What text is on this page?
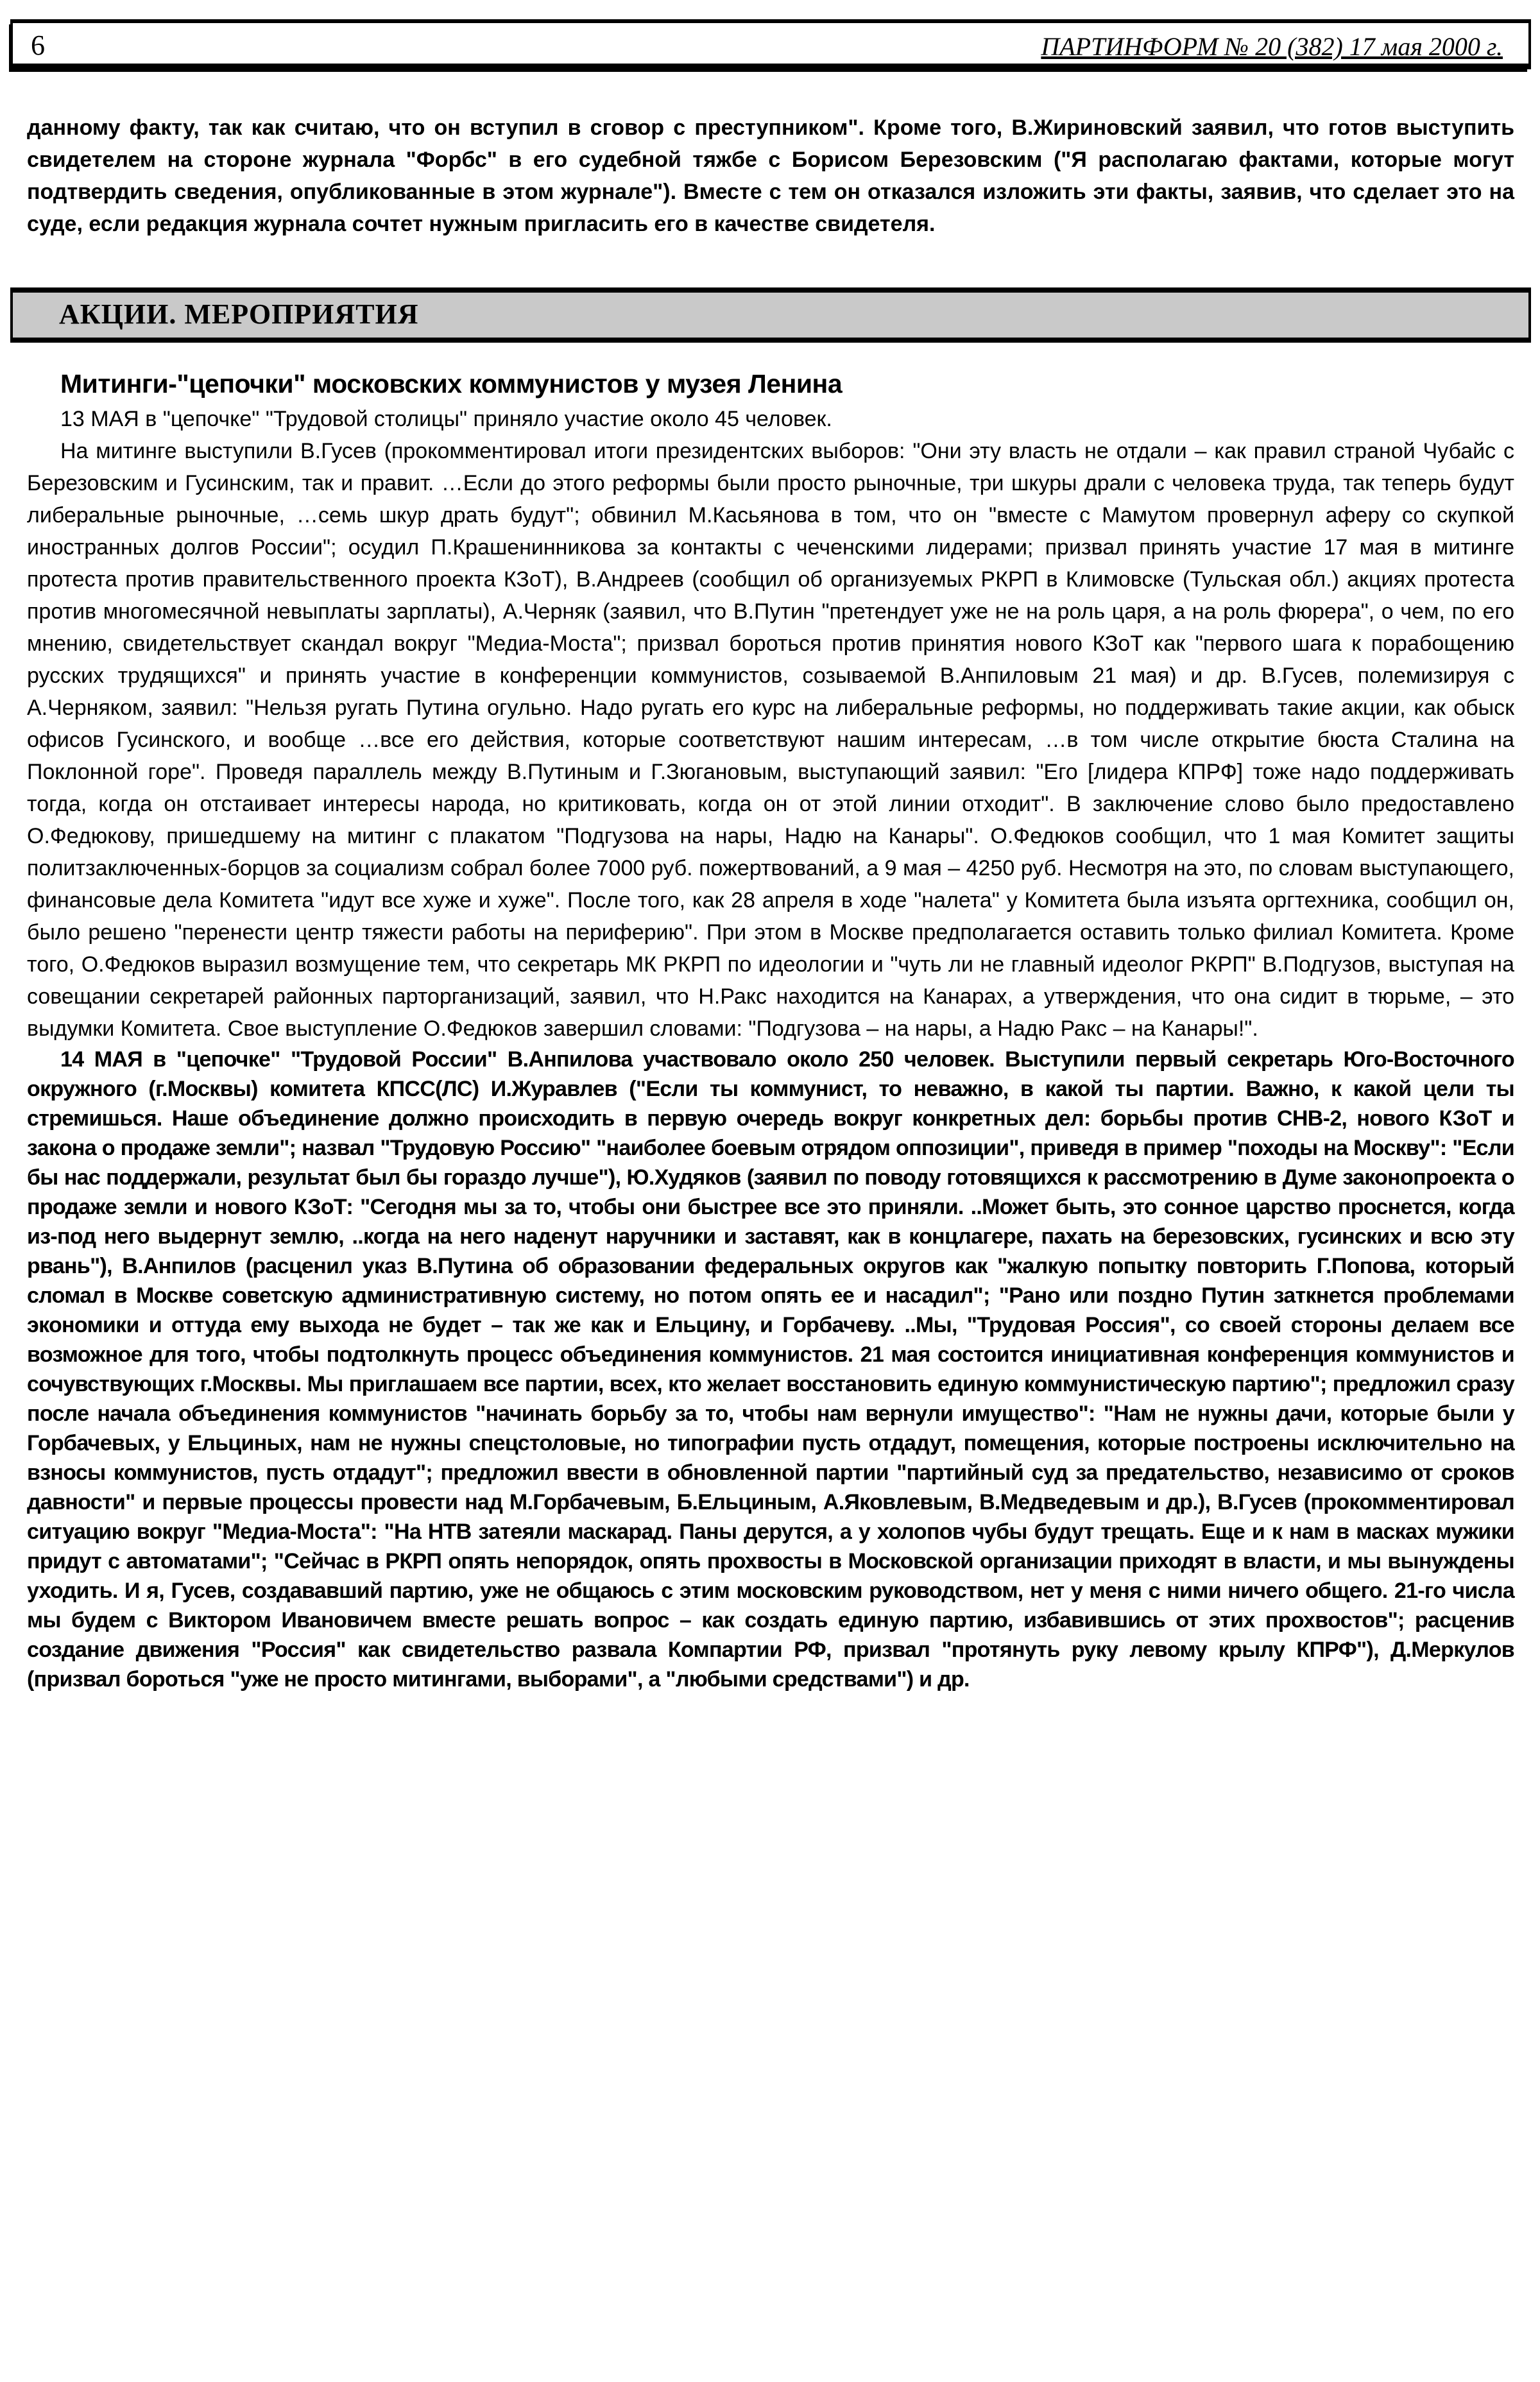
6	ПАРТИНФОРМ № 20 (382) 17 мая 2000 г.

данному факту, так как считаю, что он вступил в сговор с преступником". Кроме того, В.Жириновский заявил, что готов выступить свидетелем на стороне журнала "Форбс" в его судебной тяжбе с Борисом Березовским ("Я располагаю фактами, которые могут подтвердить сведения, опубликованные в этом журнале"). Вместе с тем он отказался изложить эти факты, заявив, что сделает это на суде, если редакция журнала сочтет нужным пригласить его в качестве свидетеля.

АКЦИИ. МЕРОПРИЯТИЯ
Митинги-"цепочки" московских коммунистов у музея Ленина

13 МАЯ в "цепочке" "Трудовой столицы" приняло участие около 45 человек.

На митинге выступили В.Гусев (прокомментировал итоги президентских выборов: "Они эту власть не отдали – как правил страной Чубайс с Березовским и Гусинским, так и правит. …Если до этого реформы были просто рыночные, три шкуры драли с человека труда, так теперь будут либеральные рыночные, …семь шкур драть будут"; обвинил М.Касьянова в том, что он "вместе с Мамутом провернул аферу со скупкой иностранных долгов России"; осудил П.Крашенинникова за контакты с чеченскими лидерами; призвал принять участие 17 мая в митинге протеста против правительственного проекта КЗоТ), В.Андреев (сообщил об организуемых РКРП в Климовске (Тульская обл.) акциях протеста против многомесячной невыплаты зарплаты), А.Черняк (заявил, что В.Путин "претендует уже не на роль царя, а на роль фюрера", о чем, по его мнению, свидетельствует скандал вокруг "Медиа-Моста"; призвал бороться против принятия нового КЗоТ как "первого шага к порабощению русских трудящихся" и принять участие в конференции коммунистов, созываемой В.Анпиловым 21 мая) и др. В.Гусев, полемизируя с А.Черняком, заявил: "Нельзя ругать Путина огульно. Надо ругать его курс на либеральные реформы, но поддерживать такие акции, как обыск офисов Гусинского, и вообще …все его действия, которые соответствуют нашим интересам, …в том числе открытие бюста Сталина на Поклонной горе". Проведя параллель между В.Путиным и Г.Зюгановым, выступающий заявил: "Его [лидера КПРФ] тоже надо поддерживать тогда, когда он отстаивает интересы народа, но критиковать, когда он от этой линии отходит". В заключение слово было предоставлено О.Федюкову, пришедшему на митинг с плакатом "Подгузова на нары, Надю на Канары". О.Федюков сообщил, что 1 мая Комитет защиты политзаключенных-борцов за социализм собрал более 7000 руб. пожертвований, а 9 мая – 4250 руб. Несмотря на это, по словам выступающего, финансовые дела Комитета "идут все хуже и хуже". После того, как 28 апреля в ходе "налета" у Комитета была изъята оргтехника, сообщил он, было решено "перенести центр тяжести работы на периферию". При этом в Москве предполагается оставить только филиал Комитета. Кроме того, О.Федюков выразил возмущение тем, что секретарь МК РКРП по идеологии и "чуть ли не главный идеолог РКРП" В.Подгузов, выступая на совещании секретарей районных парторганизаций, заявил, что Н.Ракс находится на Канарах, а утверждения, что она сидит в тюрьме, – это выдумки Комитета. Свое выступление О.Федюков завершил словами: "Подгузова – на нары, а Надю Ракс – на Канары!".

14 МАЯ в "цепочке" "Трудовой России" В.Анпилова участвовало около 250 человек. Выступили первый секретарь Юго-Восточного окружного (г.Москвы) комитета КПСС(ЛС) И.Журавлев ("Если ты коммунист, то неважно, в какой ты партии. Важно, к какой цели ты стремишься. Наше объединение должно происходить в первую очередь вокруг конкретных дел: борьбы против СНВ-2, нового КЗоТ и закона о продаже земли"; назвал "Трудовую Россию" "наиболее боевым отрядом оппозиции", приведя в пример "походы на Москву": "Если бы нас поддержали, результат был бы гораздо лучше"), Ю.Худяков (заявил по поводу готовящихся к рассмотрению в Думе законопроекта о продаже земли и нового КЗоТ: "Сегодня мы за то, чтобы они быстрее все это приняли. ..Может быть, это сонное царство проснется, когда из-под него выдернут землю, ..когда на него наденут наручники и заставят, как в концлагере, пахать на березовских, гусинских и всю эту рвань"), В.Анпилов (расценил указ В.Путина об образовании федеральных округов как "жалкую попытку повторить Г.Попова, который сломал в Москве советскую административную систему, но потом опять ее и насадил"; "Рано или поздно Путин заткнется проблемами экономики и оттуда ему выхода не будет – так же как и Ельцину, и Горбачеву. ..Мы, "Трудовая Россия", со своей стороны делаем все возможное для того, чтобы подтолкнуть процесс объединения коммунистов. 21 мая состоится инициативная конференция коммунистов и сочувствующих г.Москвы. Мы приглашаем все партии, всех, кто желает восстановить единую коммунистическую партию"; предложил сразу после начала объединения коммунистов "начинать борьбу за то, чтобы нам вернули имущество": "Нам не нужны дачи, которые были у Горбачевых, у Ельциных, нам не нужны спецстоловые, но типографии пусть отдадут, помещения, которые построены исключительно на взносы коммунистов, пусть отдадут"; предложил ввести в обновленной партии "партийный суд за предательство, независимо от сроков давности" и первые процессы провести над М.Горбачевым, Б.Ельциным, А.Яковлевым, В.Медведевым и др.), В.Гусев (прокомментировал ситуацию вокруг "Медиа-Моста": "На НТВ затеяли маскарад. Паны дерутся, а у холопов чубы будут трещать. Еще и к нам в масках мужики придут с автоматами"; "Сейчас в РКРП опять непорядок, опять прохвосты в Московской организации приходят в власти, и мы вынуждены уходить. И я, Гусев, создававший партию, уже не общаюсь с этим московским руководством, нет у меня с ними ничего общего. 21-го числа мы будем с Виктором Ивановичем вместе решать вопрос – как создать единую партию, избавившись от этих прохвостов"; расценив создание движения "Россия" как свидетельство развала Компартии РФ, призвал "протянуть руку левому крылу КПРФ"), Д.Меркулов (призвал бороться "уже не просто митингами, выборами", а "любыми средствами") и др.
